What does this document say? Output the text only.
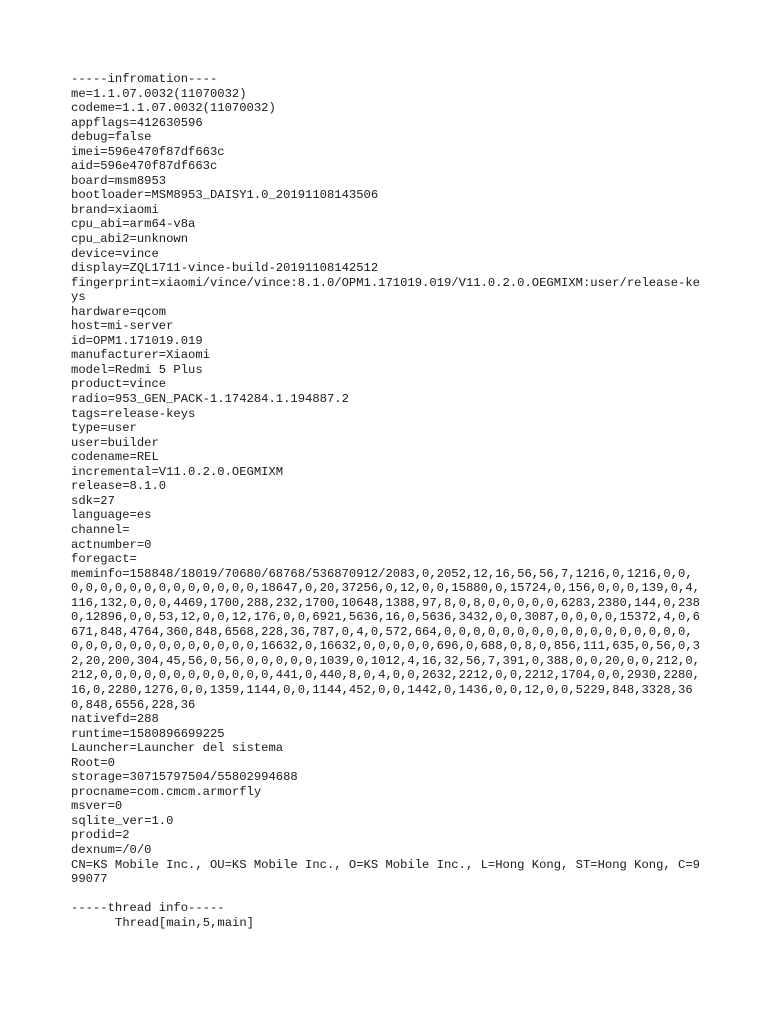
-----infromation----
me=1.1.07.0032(11070032)
codeme=1.1.07.0032(11070032)
appflags=412630596
debug=false
imei=596e470f87df663c
aid=596e470f87df663c
board=msm8953
bootloader=MSM8953_DAISY1.0_20191108143506
brand=xiaomi
cpu_abi=arm64-v8a
cpu_abi2=unknown
device=vince
display=ZQL1711-vince-build-20191108142512
fingerprint=xiaomi/vince/vince:8.1.0/OPM1.171019.019/V11.0.2.0.OEGMIXM:user/release-keys
hardware=qcom
host=mi-server
id=OPM1.171019.019
manufacturer=Xiaomi
model=Redmi 5 Plus
product=vince
radio=953_GEN_PACK-1.174284.1.194887.2
tags=release-keys
type=user
user=builder
codename=REL
incremental=V11.0.2.0.OEGMIXM
release=8.1.0
sdk=27
language=es
channel=
actnumber=0
foregact=
meminfo=158848/18019/70680/68768/536870912/2083,0,2052,12,16,56,56,7,1216,0,1216,0,0,0,0,0,0,0,0,0,0,0,0,0,0,0,18647,0,20,37256,0,12,0,0,15880,0,15724,0,156,0,0,0,139,0,4,116,132,0,0,0,4469,1700,288,232,1700,10648,1388,97,8,0,8,0,0,0,0,0,6283,2380,144,0,2380,12896,0,0,53,12,0,0,12,176,0,0,6921,5636,16,0,5636,3432,0,0,3087,0,0,0,0,15372,4,0,6671,848,4764,360,848,6568,228,36,787,0,4,0,572,664,0,0,0,0,0,0,0,0,0,0,0,0,0,0,0,0,0,0,0,0,0,0,0,0,0,0,0,0,0,0,16632,0,16632,0,0,0,0,0,696,0,688,0,8,0,856,111,635,0,56,0,32,20,200,304,45,56,0,56,0,0,0,0,0,1039,0,1012,4,16,32,56,7,391,0,388,0,0,20,0,0,212,0,212,0,0,0,0,0,0,0,0,0,0,0,0,441,0,440,8,0,4,0,0,2632,2212,0,0,2212,1704,0,0,2930,2280,16,0,2280,1276,0,0,1359,1144,0,0,1144,452,0,0,1442,0,1436,0,0,12,0,0,5229,848,3328,360,848,6556,228,36
nativefd=288
runtime=1580896699225
Launcher=Launcher del sistema
Root=0
storage=30715797504/55802994688
procname=com.cmcm.armorfly
msver=0
sqlite_ver=1.0
prodid=2
dexnum=/0/0
CN=KS Mobile Inc., OU=KS Mobile Inc., O=KS Mobile Inc., L=Hong Kong, ST=Hong Kong, C=999077
-----thread info-----
Thread[main,5,main]
